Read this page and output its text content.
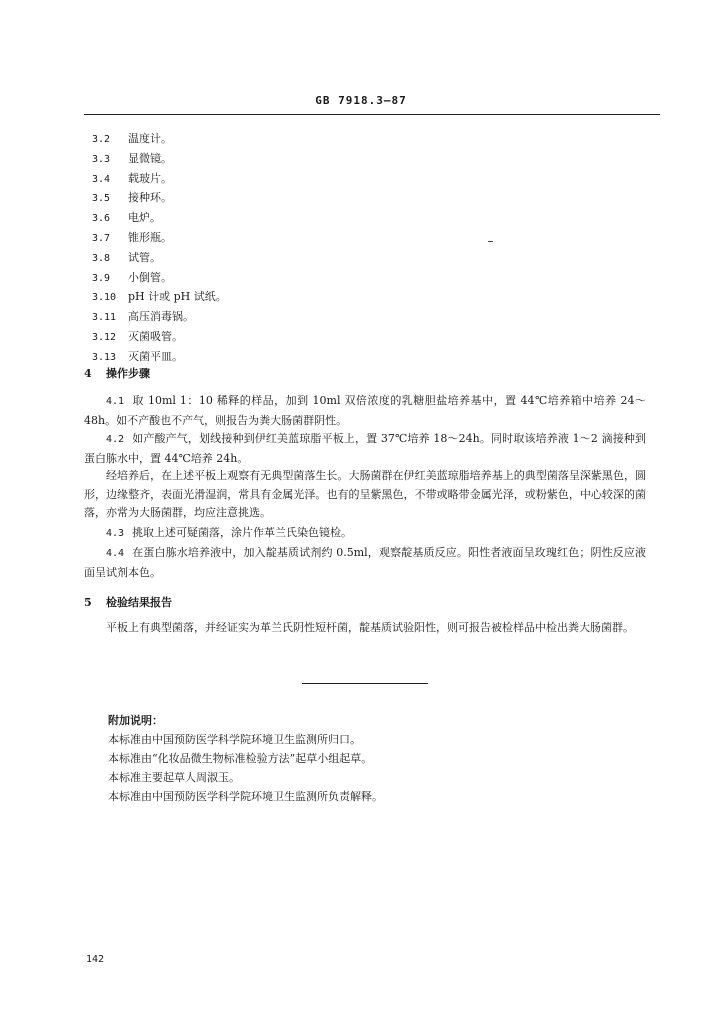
GB 7918.3—87
3.2 温度计。
3.3 显微镜。
3.4 载玻片。
3.5 接种环。
3.6 电炉。
3.7 锥形瓶。
3.8 试管。
3.9 小倒管。
3.10 pH 计或 pH 试纸。
3.11 高压消毒锅。
3.12 灭菌吸管。
3.13 灭菌平皿。
4 操作步骤
4.1 取 10ml 1：10 稀释的样品，加到 10ml 双倍浓度的乳糖胆盐培养基中，置 44℃培养箱中培养 24～48h。如不产酸也不产气，则报告为粪大肠菌群阴性。
4.2 如产酸产气，划线接种到伊红美蓝琼脂平板上，置 37℃培养 18～24h。同时取该培养液 1～2 滴接种到蛋白胨水中，置 44℃培养 24h。
经培养后，在上述平板上观察有无典型菌落生长。大肠菌群在伊红美蓝琼脂培养基上的典型菌落呈深紫黑色，圆形，边缘整齐，表面光滑湿润，常具有金属光泽。也有的呈紫黑色，不带或略带金属光泽，或粉紫色，中心较深的菌落，亦常为大肠菌群，均应注意挑选。
4.3 挑取上述可疑菌落，涂片作革兰氏染色镜检。
4.4 在蛋白胨水培养液中，加入靛基质试剂约 0.5ml，观察靛基质反应。阳性者液面呈玫瑰红色；阴性反应液面呈试剂本色。
5 检验结果报告
平板上有典型菌落，并经证实为革兰氏阴性短杆菌，靛基质试验阳性，则可报告被检样品中检出粪大肠菌群。
附加说明：
本标准由中国预防医学科学院环境卫生监测所归口。
本标准由“化妆品微生物标准检验方法”起草小组起草。
本标准主要起草人周淑玉。
本标准由中国预防医学科学院环境卫生监测所负责解释。
142
